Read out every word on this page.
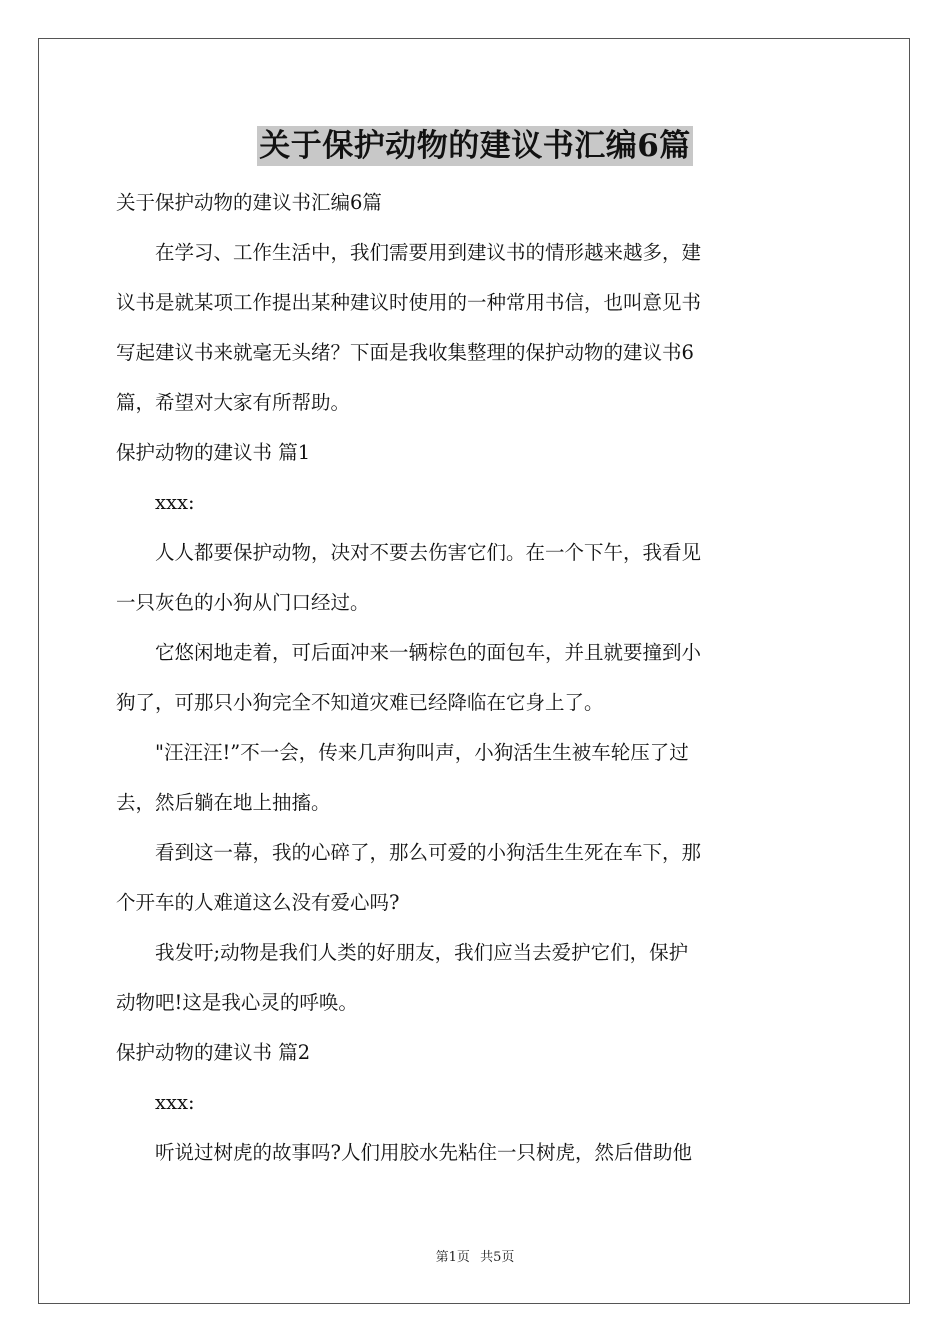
关于保护动物的建议书汇编6篇

关于保护动物的建议书汇编6篇

在学习、工作生活中，我们需要用到建议书的情形越来越多，建

议书是就某项工作提出某种建议时使用的一种常用书信，也叫意见书

写起建议书来就毫无头绪？下面是我收集整理的保护动物的建议书6

篇，希望对大家有所帮助。

保护动物的建议书 篇1

xxx:

人人都要保护动物，决对不要去伤害它们。在一个下午，我看见

一只灰色的小狗从门口经过。

它悠闲地走着，可后面冲来一辆棕色的面包车，并且就要撞到小

狗了，可那只小狗完全不知道灾难已经降临在它身上了。

"汪汪汪!”不一会，传来几声狗叫声，小狗活生生被车轮压了过

去，然后躺在地上抽搐。

看到这一幕，我的心碎了，那么可爱的小狗活生生死在车下，那

个开车的人难道这么没有爱心吗?

我发吁;动物是我们人类的好朋友，我们应当去爱护它们，保护

动物吧!这是我心灵的呼唤。

保护动物的建议书 篇2

xxx:

听说过树虎的故事吗?人们用胶水先粘住一只树虎，然后借助他

第1页 共5页
